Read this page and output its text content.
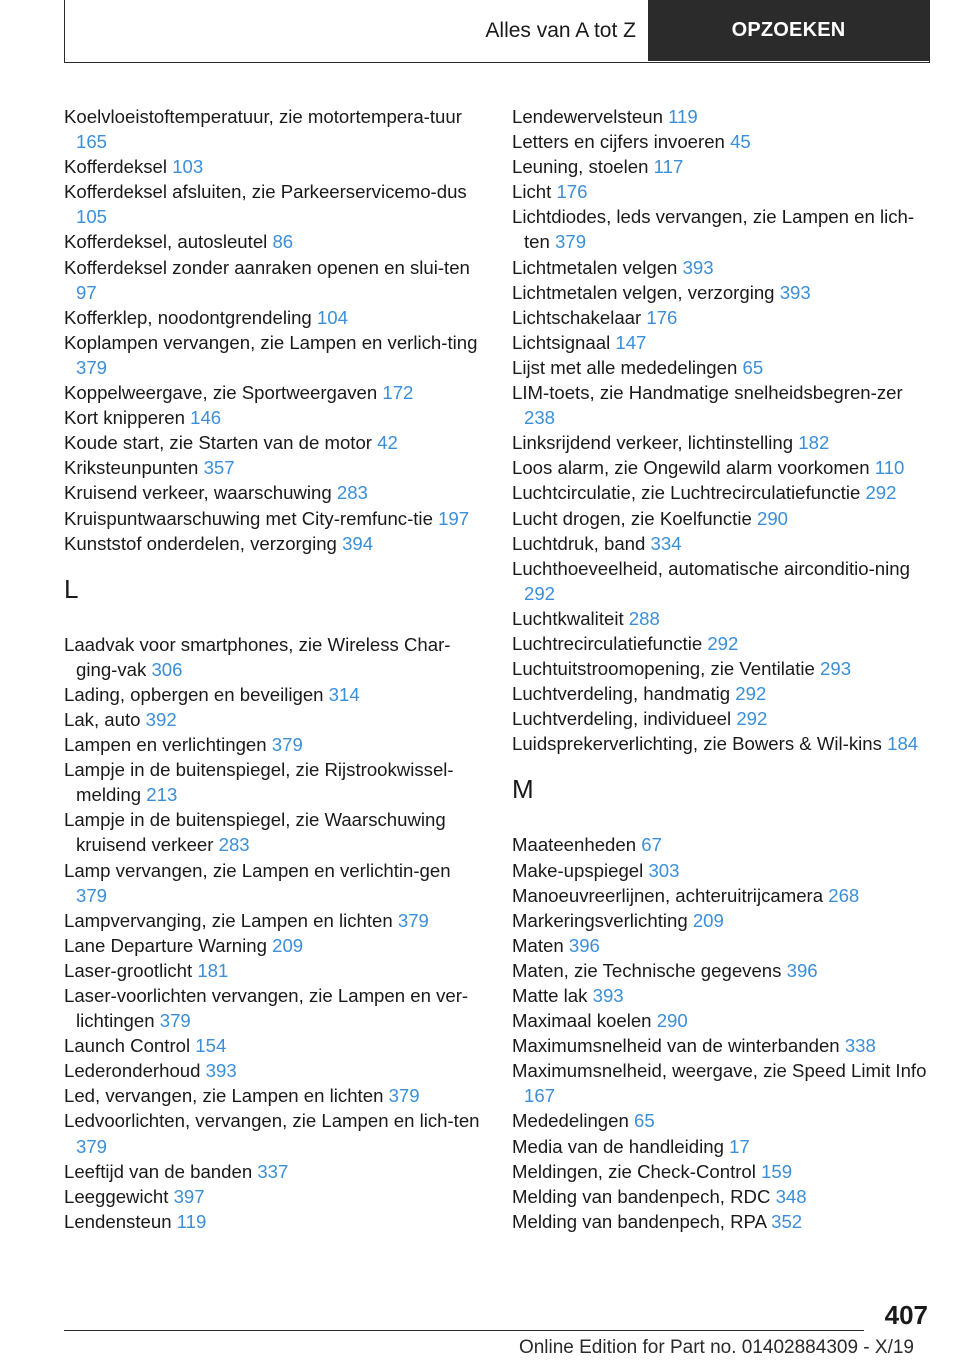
Alles van A tot Z	OPZOEKEN
Koelvloeistoftemperatuur, zie motortempera-tuur 165
Kofferdeksel 103
Kofferdeksel afsluiten, zie Parkeerservicemo-dus 105
Kofferdeksel, autosleutel 86
Kofferdeksel zonder aanraken openen en slui-ten 97
Kofferklep, noodontgrendeling 104
Koplampen vervangen, zie Lampen en verlich-ting 379
Koppelweergave, zie Sportweergaven 172
Kort knipperen 146
Koude start, zie Starten van de motor 42
Kriksteunpunten 357
Kruisend verkeer, waarschuwing 283
Kruispuntwaarschuwing met City-remfunc-tie 197
Kunststof onderdelen, verzorging 394
L
Laadvak voor smartphones, zie Wireless Char-ging-vak 306
Lading, opbergen en beveiligen 314
Lak, auto 392
Lampen en verlichtingen 379
Lampje in de buitenspiegel, zie Rijstrookwissel-melding 213
Lampje in de buitenspiegel, zie Waarschuwing kruisend verkeer 283
Lamp vervangen, zie Lampen en verlichtin-gen 379
Lampvervanging, zie Lampen en lichten 379
Lane Departure Warning 209
Laser-grootlicht 181
Laser-voorlichten vervangen, zie Lampen en ver-lichtingen 379
Launch Control 154
Lederonderhoud 393
Led, vervangen, zie Lampen en lichten 379
Ledvoorlichten, vervangen, zie Lampen en lich-ten 379
Leeftijd van de banden 337
Leeggewicht 397
Lendensteun 119
Lendewervelsteun 119
Letters en cijfers invoeren 45
Leuning, stoelen 117
Licht 176
Lichtdiodes, leds vervangen, zie Lampen en lich-ten 379
Lichtmetalen velgen 393
Lichtmetalen velgen, verzorging 393
Lichtschakelaar 176
Lichtsignaal 147
Lijst met alle mededelingen 65
LIM-toets, zie Handmatige snelheidsbegren-zer 238
Linksrijdend verkeer, lichtinstelling 182
Loos alarm, zie Ongewild alarm voorkomen 110
Luchtcirculatie, zie Luchtrecirculatiefunctie 292
Lucht drogen, zie Koelfunctie 290
Luchtdruk, band 334
Luchthoeveelheid, automatische airconditio-ning 292
Luchtkwaliteit 288
Luchtrecirculatiefunctie 292
Luchtuitstroomopening, zie Ventilatie 293
Luchtverdeling, handmatig 292
Luchtverdeling, individueel 292
Luidsprekerverlichting, zie Bowers & Wil-kins 184
M
Maateenheden 67
Make-upspiegel 303
Manoeuvreerlijnen, achteruitrijcamera 268
Markeringsverlichting 209
Maten 396
Maten, zie Technische gegevens 396
Matte lak 393
Maximaal koelen 290
Maximumsnelheid van de winterbanden 338
Maximumsnelheid, weergave, zie Speed Limit Info 167
Mededelingen 65
Media van de handleiding 17
Meldingen, zie Check-Control 159
Melding van bandenpech, RDC 348
Melding van bandenpech, RPA 352
407
Online Edition for Part no. 01402884309 - X/19
